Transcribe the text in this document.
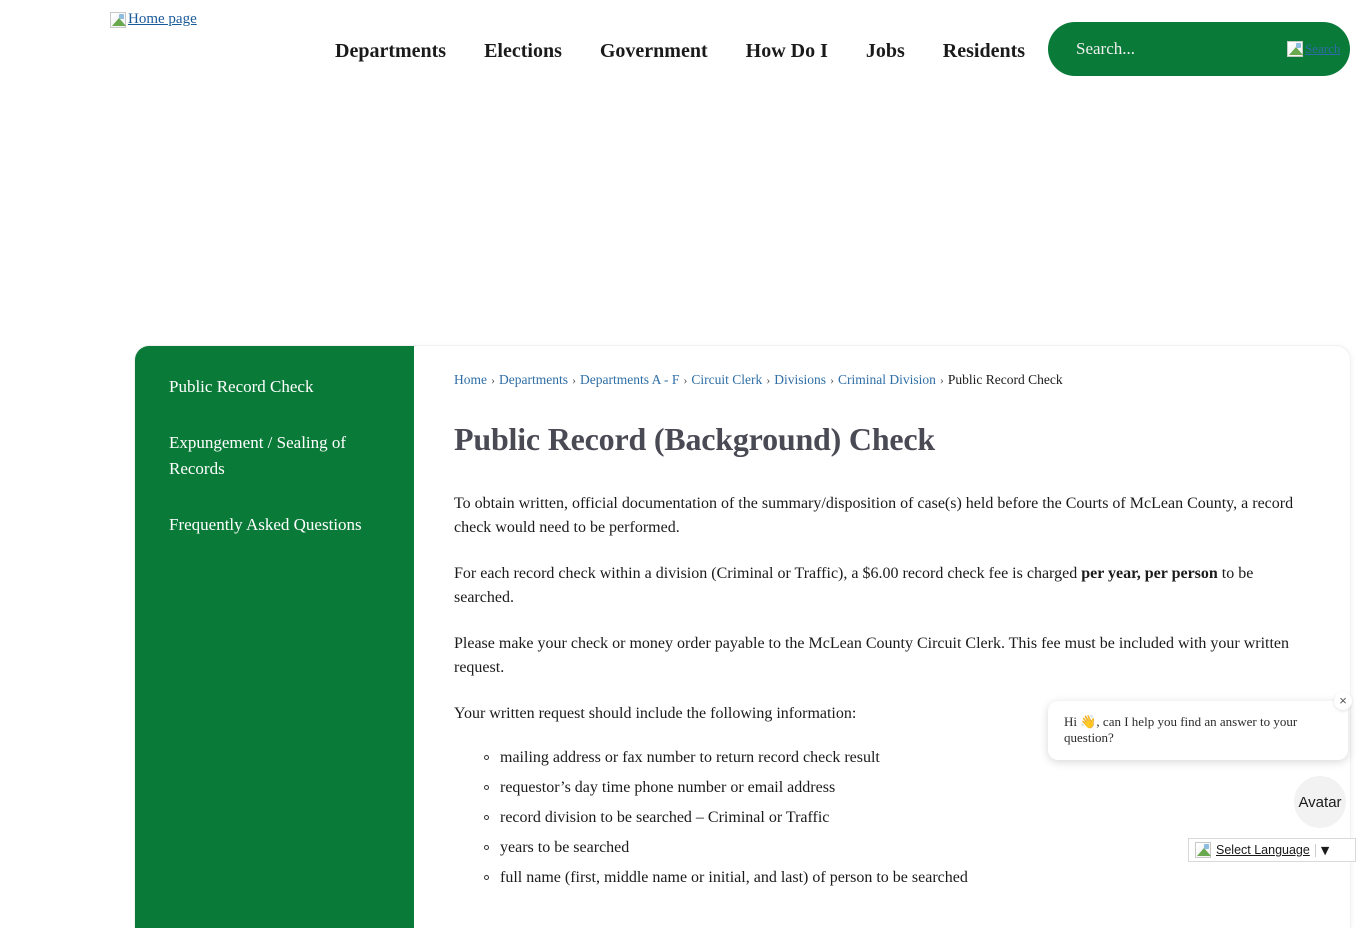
Home page
Departments	Elections	Government	How Do I	Jobs	Residents
Search...	Search
Public Record Check
Expungement / Sealing of Records
Frequently Asked Questions
Home › Departments › Departments A - F › Circuit Clerk › Divisions › Criminal Division › Public Record Check
Public Record (Background) Check

To obtain written, official documentation of the summary/disposition of case(s) held before the Courts of McLean County, a record check would need to be performed.

For each record check within a division (Criminal or Traffic), a $6.00 record check fee is charged per year, per person to be searched.

Please make your check or money order payable to the McLean County Circuit Clerk. This fee must be included with your written request.

Your written request should include the following information:

mailing address or fax number to return record check result
requestor’s day time phone number or email address
record division to be searched – Criminal or Traffic
years to be searched
full name (first, middle name or initial, and last) of person to be searched
×

Hi 👋, can I help you find an answer to your question?

Avatar
Select Language ▼
